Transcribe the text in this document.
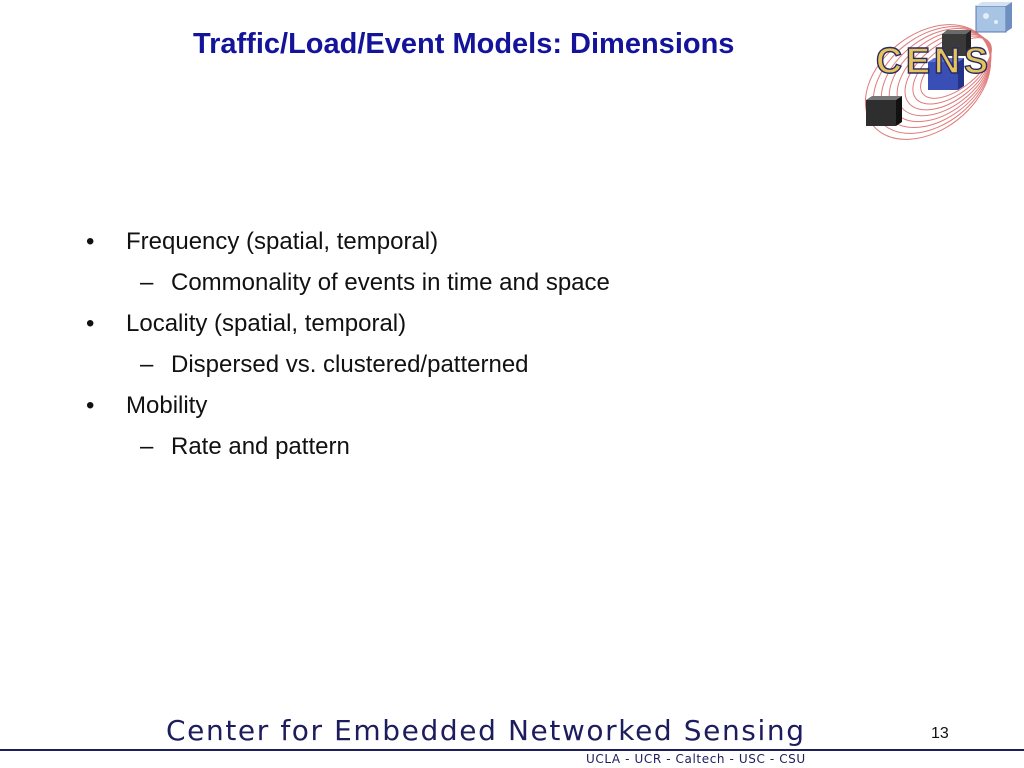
Traffic/Load/Event Models: Dimensions	CENS
• Frequency (spatial, temporal)
– Commonality of events in time and space
• Locality (spatial, temporal)
– Dispersed vs. clustered/patterned
• Mobility
– Rate and pattern
Center for Embedded Networked Sensing
UCLA - UCR - Caltech - USC - CSU
13
